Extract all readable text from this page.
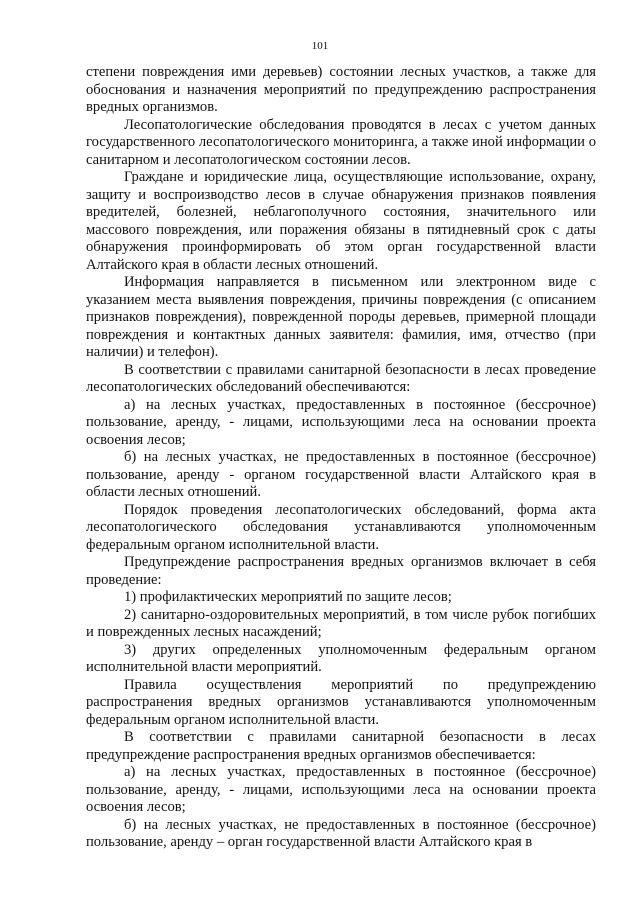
101

степени повреждения ими деревьев) состоянии лесных участков, а также для обоснования и назначения мероприятий по предупреждению распространения вредных организмов.

Лесопатологические обследования проводятся в лесах с учетом данных государственного лесопатологического мониторинга, а также иной информации о санитарном и лесопатологическом состоянии лесов.

Граждане и юридические лица, осуществляющие использование, охрану, защиту и воспроизводство лесов в случае обнаружения признаков появления вредителей, болезней, неблагополучного состояния, значительного или массового повреждения, или поражения обязаны в пятидневный срок с даты обнаружения проинформировать об этом орган государственной власти Алтайского края в области лесных отношений.

Информация направляется в письменном или электронном виде с указанием места выявления повреждения, причины повреждения (с описанием признаков повреждения), поврежденной породы деревьев, примерной площади повреждения и контактных данных заявителя: фамилия, имя, отчество (при наличии) и телефон).

В соответствии с правилами санитарной безопасности в лесах проведение лесопатологических обследований обеспечиваются:

а) на лесных участках, предоставленных в постоянное (бессрочное) пользование, аренду, - лицами, использующими леса на основании проекта освоения лесов;

б) на лесных участках, не предоставленных в постоянное (бессрочное) пользование, аренду - органом государственной власти Алтайского края в области лесных отношений.

Порядок проведения лесопатологических обследований, форма акта лесопатологического обследования устанавливаются уполномоченным федеральным органом исполнительной власти.

Предупреждение распространения вредных организмов включает в себя проведение:

1) профилактических мероприятий по защите лесов;

2) санитарно-оздоровительных мероприятий, в том числе рубок погибших и поврежденных лесных насаждений;

3) других определенных уполномоченным федеральным органом исполнительной власти мероприятий.

Правила осуществления мероприятий по предупреждению распространения вредных организмов устанавливаются уполномоченным федеральным органом исполнительной власти.

В соответствии с правилами санитарной безопасности в лесах предупреждение распространения вредных организмов обеспечивается:

а) на лесных участках, предоставленных в постоянное (бессрочное) пользование, аренду, - лицами, использующими леса на основании проекта освоения лесов;

б) на лесных участках, не предоставленных в постоянное (бессрочное) пользование, аренду – орган государственной власти Алтайского края в
